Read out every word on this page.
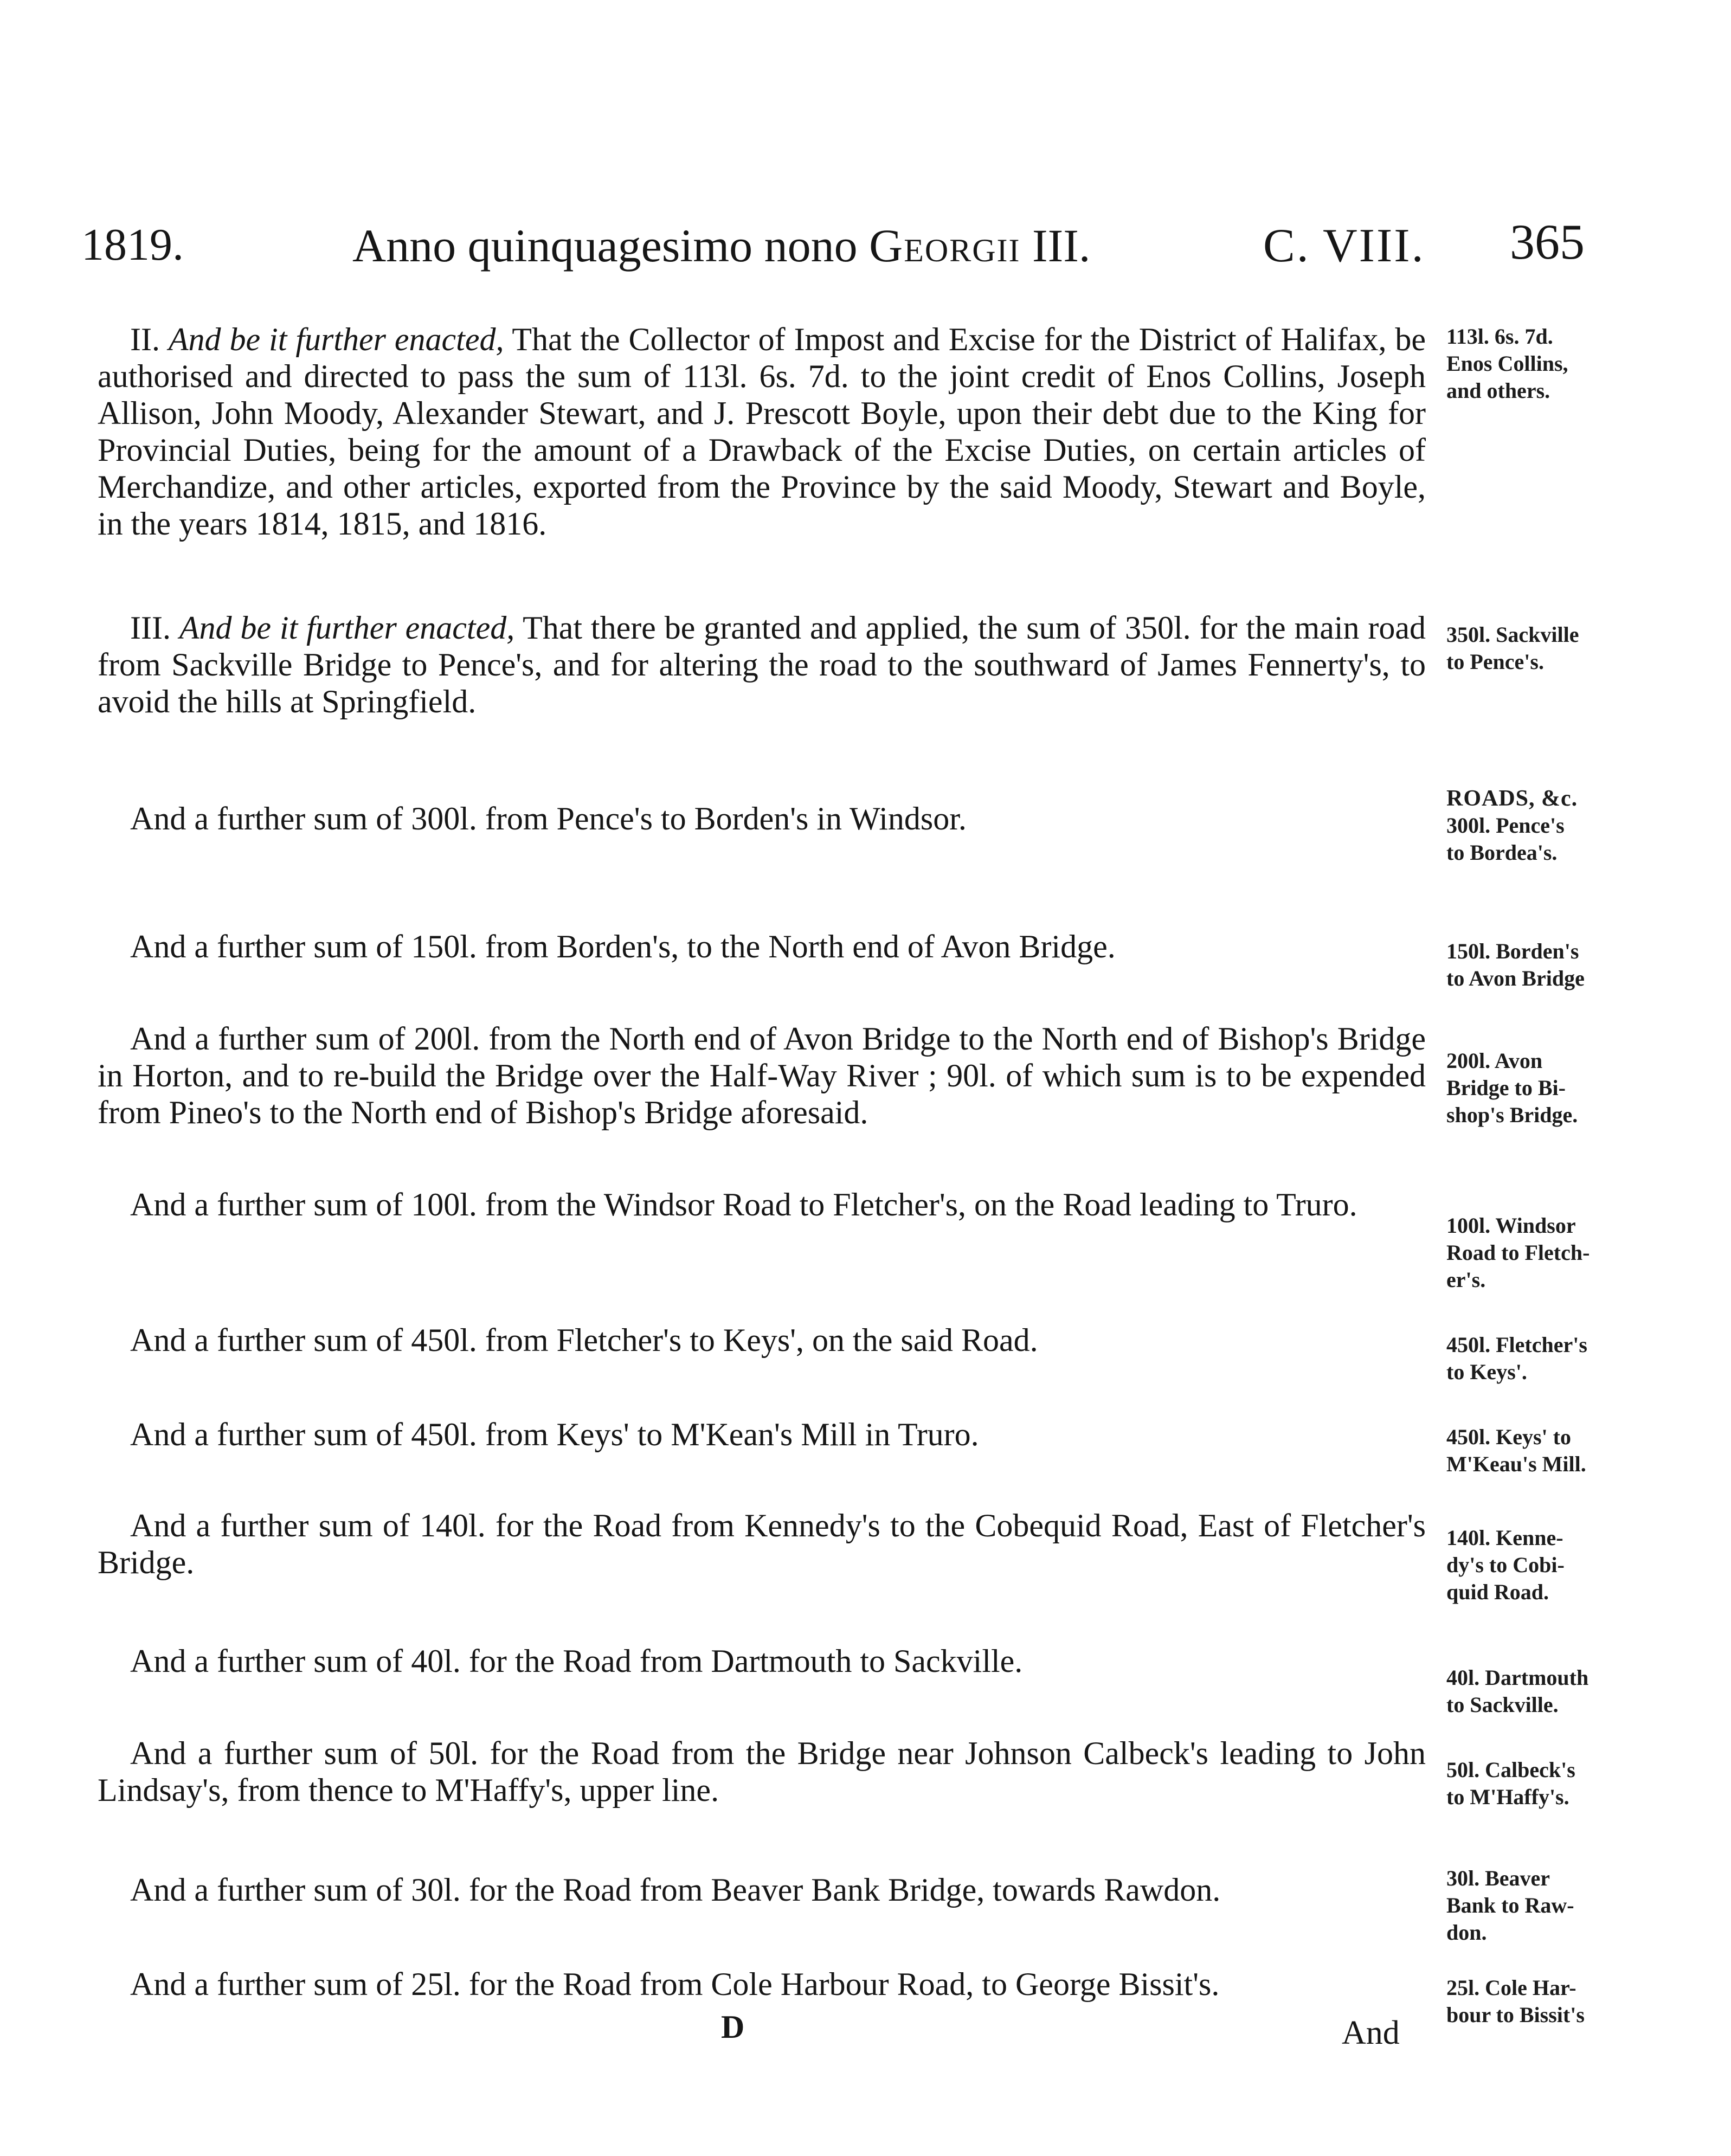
1819.	Anno quinquagesimo nono Georgii III.	C. VIII. 365
II. And be it further enacted, That the Collector of Impost and Excise for the District of Halifax, be authorised and directed to pass the sum of 113l. 6s. 7d. to the joint credit of Enos Collins, Joseph Allison, John Moody, Alexander Stewart, and J. Prescott Boyle, upon their debt due to the King for Provincial Duties, being for the amount of a Drawback of the Excise Duties, on certain articles of Merchandize, and other articles, exported from the Province by the said Moody, Stewart and Boyle, in the years 1814, 1815, and 1816.
113l. 6s. 7d.
Enos Collins,
and others.
III. And be it further enacted, That there be granted and applied, the sum of 350l. for the main road from Sackville Bridge to Pence's, and for altering the road to the southward of James Fennerty's, to avoid the hills at Springfield.
350l. Sackville
to Pence's.
And a further sum of 300l. from Pence's to Borden's in Windsor.
ROADS, &c.
300l. Pence's
to Bordea's.
And a further sum of 150l. from Borden's, to the North end of Avon Bridge.	150l. Borden's
to Avon Bridge
And a further sum of 200l. from the North end of Avon Bridge to the North end of Bishop's Bridge in Horton, and to re-build the Bridge over the Half-Way River ; 90l. of which sum is to be expended from Pineo's to the North end of Bishop's Bridge aforesaid.
200l. Avon
Bridge to Bi-
shop's Bridge.
And a further sum of 100l. from the Windsor Road to Fletcher's, on the Road leading to Truro.
100l. Windsor
Road to Fletch-
er's.
And a further sum of 450l. from Fletcher's to Keys', on the said Road.	450l. Fletcher's
to Keys'.
And a further sum of 450l. from Keys' to M'Kean's Mill in Truro.	450l. Keys' to
M'Keau's Mill.
And a further sum of 140l. for the Road from Kennedy's to the Cobequid Road, East of Fletcher's Bridge.
140l. Kenne-
dy's to Cobi-
quid Road.
And a further sum of 40l. for the Road from Dartmouth to Sackville.	40l. Dartmouth
to Sackville.
And a further sum of 50l. for the Road from the Bridge near Johnson Calbeck's leading to John Lindsay's, from thence to M'Haffy's, upper line.
50l. Calbeck's
to M'Haffy's.
And a further sum of 30l. for the Road from Beaver Bank Bridge, towards Rawdon.	30l. Beaver
Bank to Raw-
don.
And a further sum of 25l. for the Road from Cole Harbour Road, to George Bissit's.	25l. Cole Har-
bour to Bissit's
D	And
